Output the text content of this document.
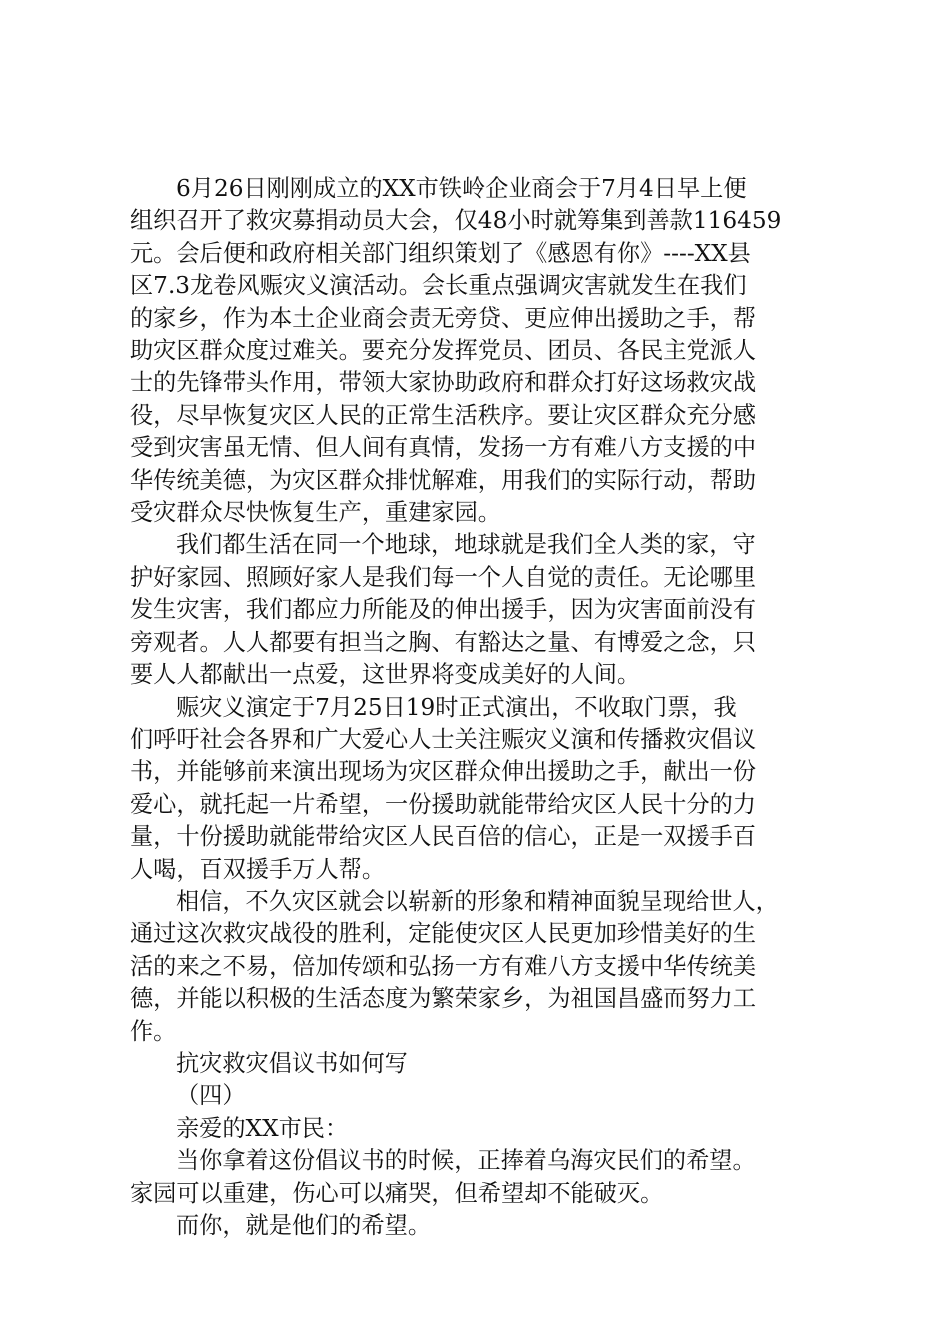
6月26日刚刚成立的XX市铁岭企业商会于7月4日早上便
组织召开了救灾募捐动员大会，仅48小时就筹集到善款116459
元。会后便和政府相关部门组织策划了《感恩有你》----XX县
区7.3龙卷风赈灾义演活动。会长重点强调灾害就发生在我们
的家乡，作为本土企业商会责无旁贷、更应伸出援助之手，帮
助灾区群众度过难关。要充分发挥党员、团员、各民主党派人
士的先锋带头作用，带领大家协助政府和群众打好这场救灾战
役，尽早恢复灾区人民的正常生活秩序。要让灾区群众充分感
受到灾害虽无情、但人间有真情，发扬一方有难八方支援的中
华传统美德，为灾区群众排忧解难，用我们的实际行动，帮助
受灾群众尽快恢复生产，重建家园。

我们都生活在同一个地球，地球就是我们全人类的家，守
护好家园、照顾好家人是我们每一个人自觉的责任。无论哪里
发生灾害，我们都应力所能及的伸出援手，因为灾害面前没有
旁观者。人人都要有担当之胸、有豁达之量、有博爱之念，只
要人人都献出一点爱，这世界将变成美好的人间。

赈灾义演定于7月25日19时正式演出，不收取门票，我
们呼吁社会各界和广大爱心人士关注赈灾义演和传播救灾倡议
书，并能够前来演出现场为灾区群众伸出援助之手，献出一份
爱心，就托起一片希望，一份援助就能带给灾区人民十分的力
量，十份援助就能带给灾区人民百倍的信心，正是一双援手百
人喝，百双援手万人帮。

相信，不久灾区就会以崭新的形象和精神面貌呈现给世人，
通过这次救灾战役的胜利，定能使灾区人民更加珍惜美好的生
活的来之不易，倍加传颂和弘扬一方有难八方支援中华传统美
德，并能以积极的生活态度为繁荣家乡，为祖国昌盛而努力工
作。

抗灾救灾倡议书如何写

（四）

亲爱的XX市民：

当你拿着这份倡议书的时候，正捧着乌海灾民们的希望。
家园可以重建，伤心可以痛哭，但希望却不能破灭。

而你，就是他们的希望。
